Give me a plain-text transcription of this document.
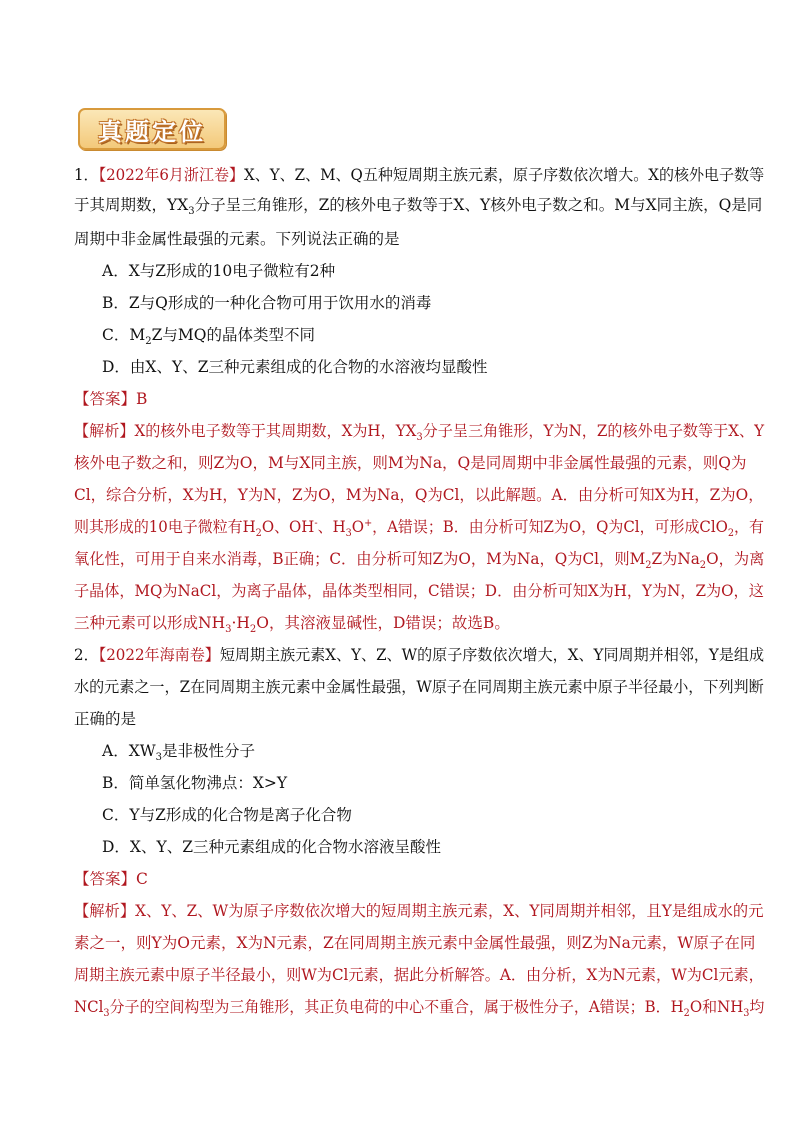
真题定位
1．【2022年6月浙江卷】X、Y、Z、M、Q五种短周期主族元素，原子序数依次增大。X的核外电子数等
于其周期数，$YX_3$分子呈三角锥形，Z的核外电子数等于X、Y核外电子数之和。M与X同主族，Q是同
周期中非金属性最强的元素。下列说法正确的是
A．X与Z形成的10电子微粒有2种
B．Z与Q形成的一种化合物可用于饮用水的消毒
C．$M_2Z$与MQ的晶体类型不同
D．由X、Y、Z三种元素组成的化合物的水溶液均显酸性
【答案】B
【解析】X的核外电子数等于其周期数，X为H，$YX_3$分子呈三角锥形，Y为N，Z的核外电子数等于X、Y
核外电子数之和，则Z为O，M与X同主族，则M为Na，Q是同周期中非金属性最强的元素，则Q为
Cl，综合分析，X为H，Y为N，Z为O，M为Na，Q为Cl，以此解题。A．由分析可知X为H，Z为O，
则其形成的10电子微粒有$H_2O$、OH-、$H_3O^+$，A错误；B．由分析可知Z为O，Q为Cl，可形成ClO$_2$，有
氧化性，可用于自来水消毒，B正确；C．由分析可知Z为O，M为Na，Q为Cl，则$M_2Z$为$Na_2O$，为离
子晶体，MQ为NaCl，为离子晶体，晶体类型相同，C错误；D．由分析可知X为H，Y为N，Z为O，这
三种元素可以形成$NH_3\cdot H_2O$，其溶液显碱性，D错误；故选B。
2．【2022年海南卷】短周期主族元素X、Y、Z、W的原子序数依次增大，X、Y同周期并相邻，Y是组成
水的元素之一，Z在同周期主族元素中金属性最强，W原子在同周期主族元素中原子半径最小，下列判断
正确的是
A．$XW_3$是非极性分子
B．简单氢化物沸点：X>Y
C．Y与Z形成的化合物是离子化合物
D．X、Y、Z三种元素组成的化合物水溶液呈酸性
【答案】C
【解析】X、Y、Z、W为原子序数依次增大的短周期主族元素，X、Y同周期并相邻，且Y是组成水的元
素之一，则Y为O元素，X为N元素，Z在同周期主族元素中金属性最强，则Z为Na元素，W原子在同
周期主族元素中原子半径最小，则W为Cl元素，据此分析解答。A．由分析，X为N元素，W为Cl元素，
NCl$_3$分子的空间构型为三角锥形，其正负电荷的中心不重合，属于极性分子，A错误；B．$H_2O$和$NH_3$均
